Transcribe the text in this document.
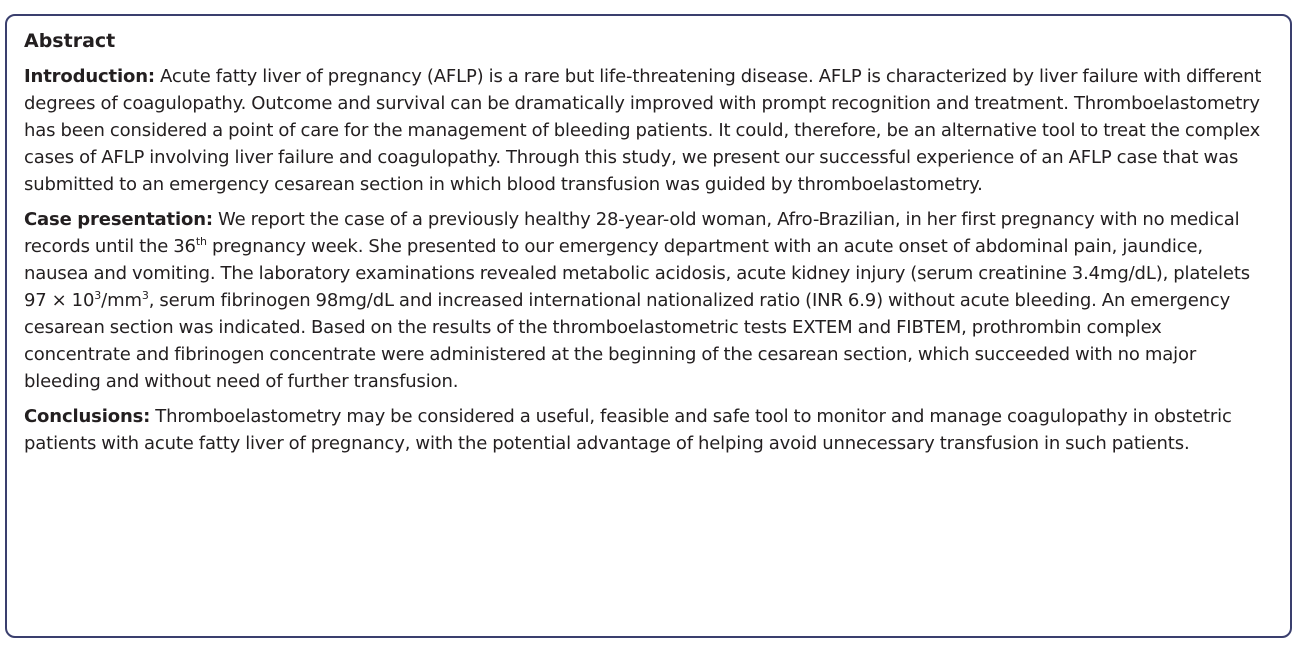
Abstract

Introduction: Acute fatty liver of pregnancy (AFLP) is a rare but life-threatening disease. AFLP is characterized by liver failure with different degrees of coagulopathy. Outcome and survival can be dramatically improved with prompt recognition and treatment. Thromboelastometry has been considered a point of care for the management of bleeding patients. It could, therefore, be an alternative tool to treat the complex cases of AFLP involving liver failure and coagulopathy. Through this study, we present our successful experience of an AFLP case that was submitted to an emergency cesarean section in which blood transfusion was guided by thromboelastometry.

Case presentation: We report the case of a previously healthy 28-year-old woman, Afro-Brazilian, in her first pregnancy with no medical records until the 36th pregnancy week. She presented to our emergency department with an acute onset of abdominal pain, jaundice, nausea and vomiting. The laboratory examinations revealed metabolic acidosis, acute kidney injury (serum creatinine 3.4mg/dL), platelets $97 \times 10^3/mm^3$, serum fibrinogen 98mg/dL and increased international nationalized ratio (INR 6.9) without acute bleeding. An emergency cesarean section was indicated. Based on the results of the thromboelastometric tests EXTEM and FIBTEM, prothrombin complex concentrate and fibrinogen concentrate were administered at the beginning of the cesarean section, which succeeded with no major bleeding and without need of further transfusion.

Conclusions: Thromboelastometry may be considered a useful, feasible and safe tool to monitor and manage coagulopathy in obstetric patients with acute fatty liver of pregnancy, with the potential advantage of helping avoid unnecessary transfusion in such patients.
